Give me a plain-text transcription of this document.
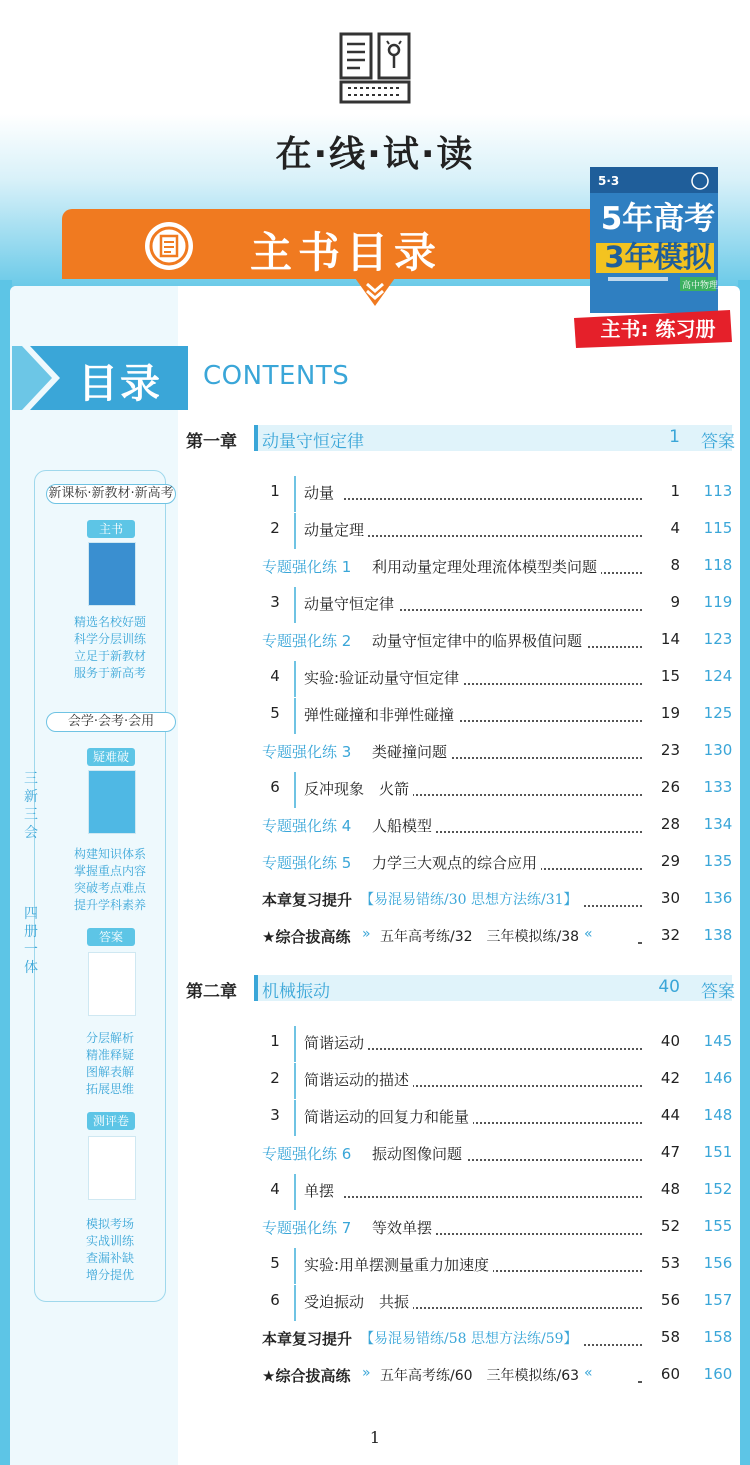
在·线·试·读
主书目录
5·3
5年高考
3年模拟
高中物理
主书: 练习册
目录 CONTENTS
新课标·新教材·新高考
主书
精选名校好题
科学分层训练
立足于新教材
服务于新高考
会学·会考·会用
疑难破
构建知识体系
掌握重点内容
突破考点难点
提升学科素养
答案
分层解析
精准释疑
图解表解
拓展思维
测评卷
模拟考场
实战训练
查漏补缺
增分提优
三新三会
四册一体
第一章 动量守恒定律	1 答案
1 动量	1	113
2 动量定理	4	115
专题强化练 1 利用动量定理处理流体模型类问题	8	118
3 动量守恒定律	9	119
专题强化练 2 动量守恒定律中的临界极值问题	14	123
4 实验:验证动量守恒定律	15	124
5 弹性碰撞和非弹性碰撞	19	125
专题强化练 3 类碰撞问题	23	130
6 反冲现象　火箭	26	133
专题强化练 4 人船模型	28	134
专题强化练 5 力学三大观点的综合应用	29	135
本章复习提升 【易混易错练/30 思想方法练/31】	30	136
★综合拔高练 » 五年高考练/32　三年模拟练/38 «	32	138
第二章 机械振动	40 答案
1 简谐运动	40	145
2 简谐运动的描述	42	146
3 简谐运动的回复力和能量	44	148
专题强化练 6 振动图像问题	47	151
4 单摆	48	152
专题强化练 7 等效单摆	52	155
5 实验:用单摆测量重力加速度	53	156
6 受迫振动　共振	56	157
本章复习提升 【易混易错练/58 思想方法练/59】	58	158
★综合拔高练 » 五年高考练/60　三年模拟练/63 «	60	160
1
